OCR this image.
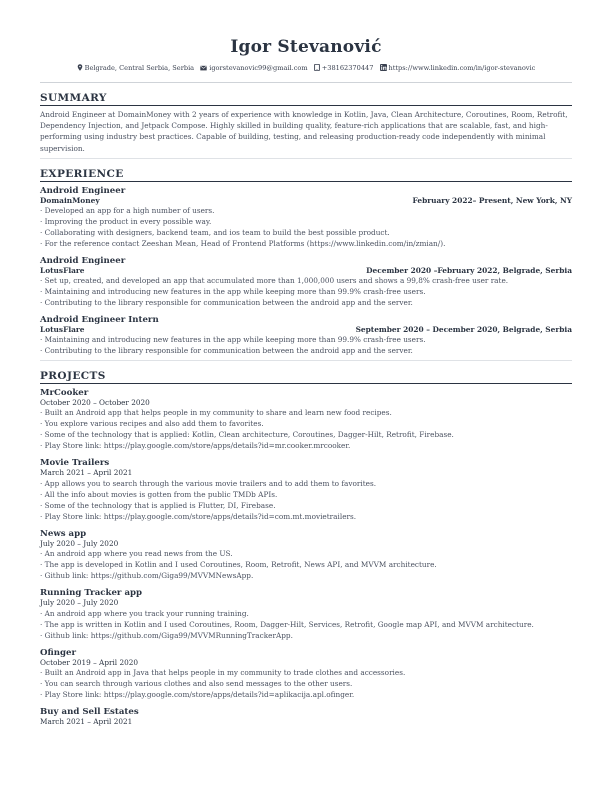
Igor Stevanović
Belgrade, Central Serbia, Serbia igorstevanovic99@gmail.com +38162370447 https://www.linkedin.com/in/igor-stevanovic
SUMMARY
Android Engineer at DomainMoney with 2 years of experience with knowledge in Kotlin, Java, Clean Architecture, Coroutines, Room, Retrofit, Dependency Injection, and Jetpack Compose. Highly skilled in building quality, feature-rich applications that are scalable, fast, and high-performing using industry best practices. Capable of building, testing, and releasing production-ready code independently with minimal supervision.
EXPERIENCE
Android Engineer
DomainMoney	February 2022– Present, New York, NY
· Developed an app for a high number of users.
· Improving the product in every possible way.
· Collaborating with designers, backend team, and ios team to build the best possible product.
· For the reference contact Zeeshan Mean, Head of Frontend Platforms (https://www.linkedin.com/in/zmian/).
Android Engineer
LotusFlare	December 2020 –February 2022, Belgrade, Serbia
· Set up, created, and developed an app that accumulated more than 1,000,000 users and shows a 99,8% crash-free user rate.
· Maintaining and introducing new features in the app while keeping more than 99.9% crash-free users.
· Contributing to the library responsible for communication between the android app and the server.
Android Engineer Intern
LotusFlare	September 2020 – December 2020, Belgrade, Serbia
· Maintaining and introducing new features in the app while keeping more than 99.9% crash-free users.
· Contributing to the library responsible for communication between the android app and the server.
PROJECTS
MrCooker
October 2020 – October 2020
· Built an Android app that helps people in my community to share and learn new food recipes.
· You explore various recipes and also add them to favorites.
· Some of the technology that is applied: Kotlin, Clean architecture, Coroutines, Dagger-Hilt, Retrofit, Firebase.
· Play Store link: https://play.google.com/store/apps/details?id=mr.cooker.mrcooker.
Movie Trailers
March 2021 – April 2021
· App allows you to search through the various movie trailers and to add them to favorites.
· All the info about movies is gotten from the public TMDb APIs.
· Some of the technology that is applied is Flutter, DI, Firebase.
· Play Store link: https://play.google.com/store/apps/details?id=com.mt.movietrailers.
News app
July 2020 – July 2020
· An android app where you read news from the US.
· The app is developed in Kotlin and I used Coroutines, Room, Retrofit, News API, and MVVM architecture.
· Github link: https://github.com/Giga99/MVVMNewsApp.
Running Tracker app
July 2020 – July 2020
· An android app where you track your running training.
· The app is written in Kotlin and I used Coroutines, Room, Dagger-Hilt, Services, Retrofit, Google map API, and MVVM architecture.
· Github link: https://github.com/Giga99/MVVMRunningTrackerApp.
Ofinger
October 2019 – April 2020
· Built an Android app in Java that helps people in my community to trade clothes and accessories.
· You can search through various clothes and also send messages to the other users.
· Play Store link: https://play.google.com/store/apps/details?id=aplikacija.apl.ofinger.
Buy and Sell Estates
March 2021 – April 2021
